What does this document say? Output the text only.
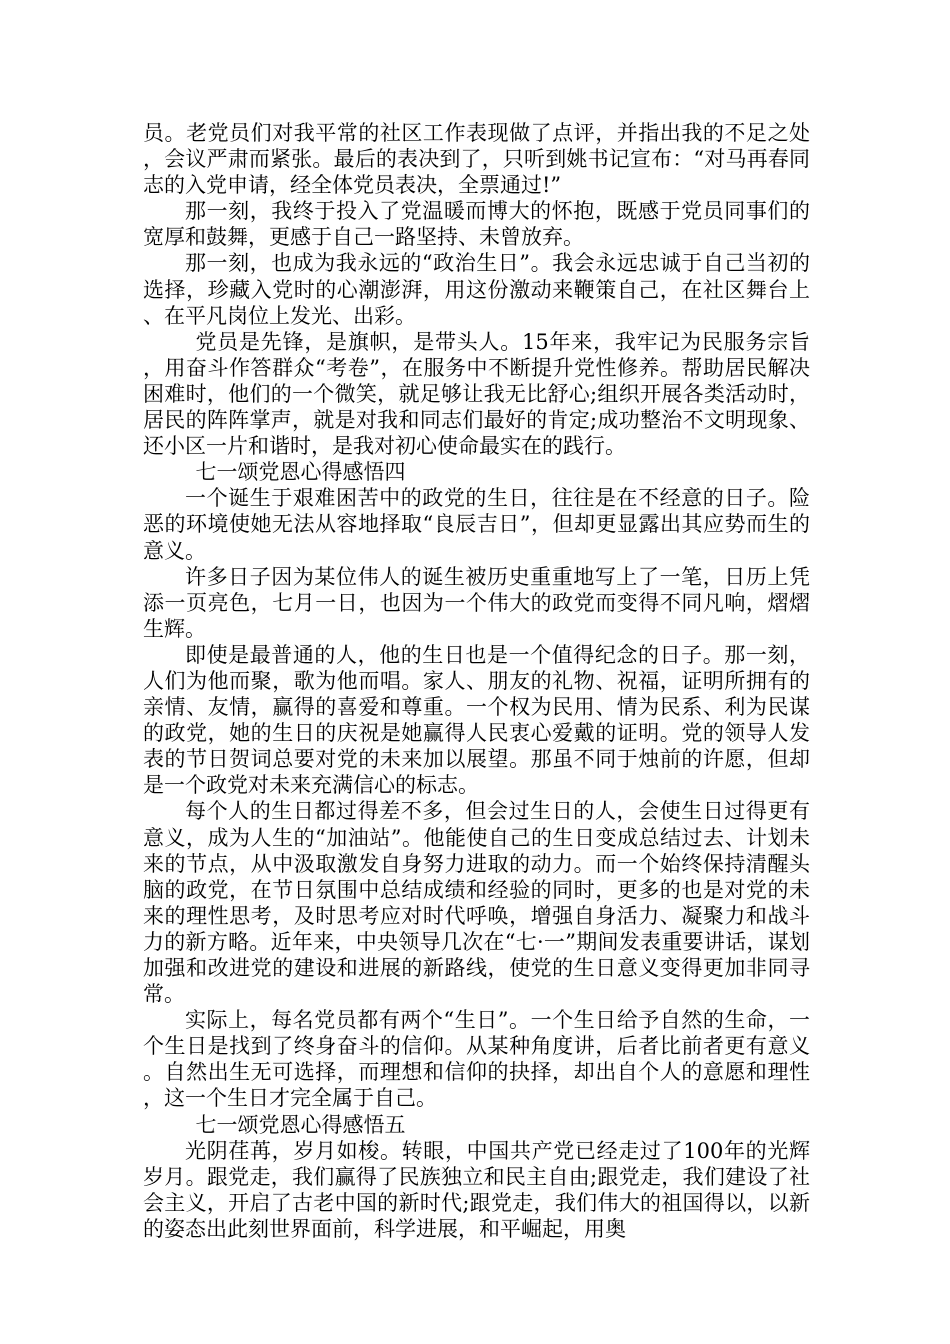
员。老党员们对我平常的社区工作表现做了点评，并指出我的不足之处，会议严肃而紧张。最后的表决到了，只听到姚书记宣布：“对马再春同志的入党申请，经全体党员表决，全票通过!”

那一刻，我终于投入了党温暖而博大的怀抱，既感于党员同事们的宽厚和鼓舞，更感于自己一路坚持、未曾放弃。

那一刻，也成为我永远的“政治生日”。我会永远忠诚于自己当初的选择，珍藏入党时的心潮澎湃，用这份激动来鞭策自己，在社区舞台上、在平凡岗位上发光、出彩。

党员是先锋，是旗帜，是带头人。15年来，我牢记为民服务宗旨，用奋斗作答群众“考卷”，在服务中不断提升党性修养。帮助居民解决困难时，他们的一个微笑，就足够让我无比舒心;组织开展各类活动时，居民的阵阵掌声，就是对我和同志们最好的肯定;成功整治不文明现象、还小区一片和谐时，是我对初心使命最实在的践行。

七一颂党恩心得感悟四

一个诞生于艰难困苦中的政党的生日，往往是在不经意的日子。险恶的环境使她无法从容地择取“良辰吉日”，但却更显露出其应势而生的意义。

许多日子因为某位伟人的诞生被历史重重地写上了一笔，日历上凭添一页亮色，七月一日，也因为一个伟大的政党而变得不同凡响，熠熠生辉。

即使是最普通的人，他的生日也是一个值得纪念的日子。那一刻，人们为他而聚，歌为他而唱。家人、朋友的礼物、祝福，证明所拥有的亲情、友情，赢得的喜爱和尊重。一个权为民用、情为民系、利为民谋的政党，她的生日的庆祝是她赢得人民衷心爱戴的证明。党的领导人发表的节日贺词总要对党的未来加以展望。那虽不同于烛前的许愿，但却是一个政党对未来充满信心的标志。

每个人的生日都过得差不多，但会过生日的人，会使生日过得更有意义，成为人生的“加油站”。他能使自己的生日变成总结过去、计划未来的节点，从中汲取激发自身努力进取的动力。而一个始终保持清醒头脑的政党，在节日氛围中总结成绩和经验的同时，更多的也是对党的未来的理性思考，及时思考应对时代呼唤，增强自身活力、凝聚力和战斗力的新方略。近年来，中央领导几次在“七·一”期间发表重要讲话，谋划加强和改进党的建设和进展的新路线，使党的生日意义变得更加非同寻常。

实际上，每名党员都有两个“生日”。一个生日给予自然的生命，一个生日是找到了终身奋斗的信仰。从某种角度讲，后者比前者更有意义。自然出生无可选择，而理想和信仰的抉择，却出自个人的意愿和理性，这一个生日才完全属于自己。

七一颂党恩心得感悟五

光阴荏苒，岁月如梭。转眼，中国共产党已经走过了100年的光辉岁月。跟党走，我们赢得了民族独立和民主自由;跟党走，我们建设了社会主义，开启了古老中国的新时代;跟党走，我们伟大的祖国得以，以新的姿态出此刻世界面前，科学进展，和平崛起，用奥
